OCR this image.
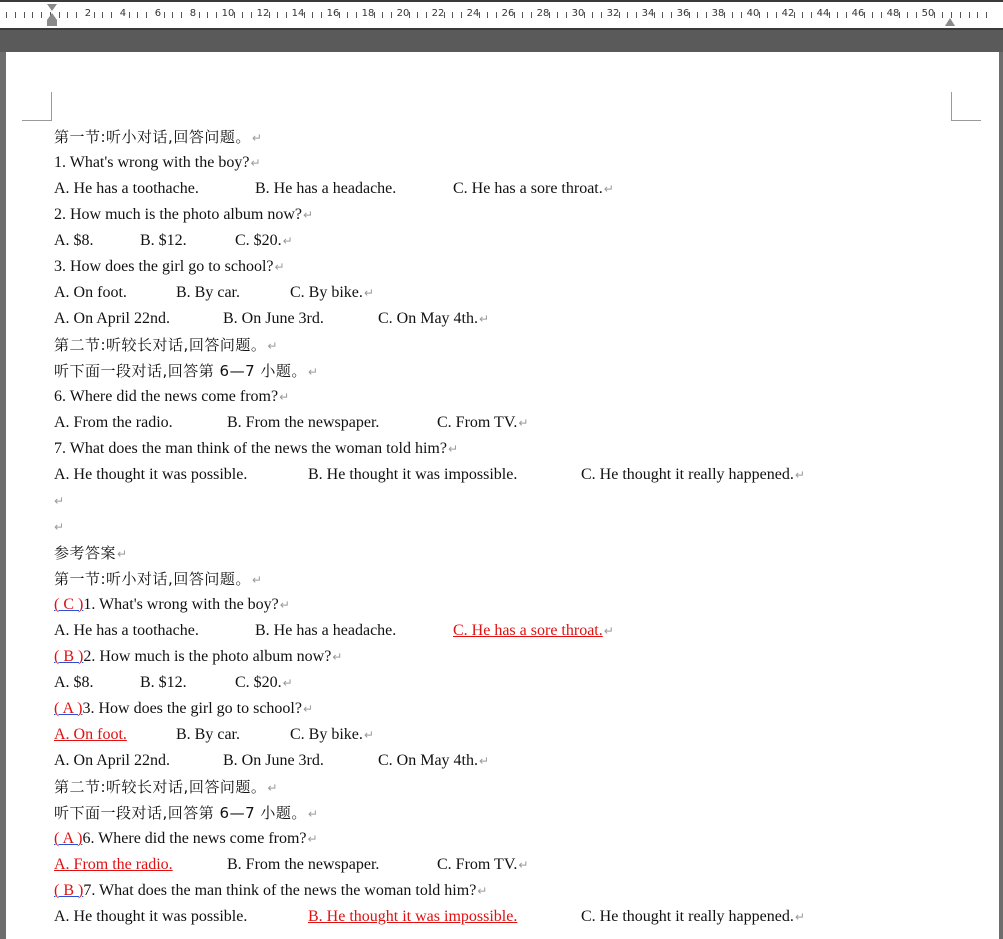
2	4	6	8	10 12 14 16 18 20 22 24 26 28 30 32 34 36 38 40 42 44 46 48 50
第一节:听小对话,回答问题。↵
1. What's wrong with the boy?↵
A. He has a toothache.	B. He has a headache.	C. He has a sore throat.↵
2. How much is the photo album now?↵
A. $8.	B. $12.	C. $20.↵
3. How does the girl go to school?↵
A. On foot.	B. By car.	C. By bike.↵
A. On April 22nd.	B. On June 3rd.	C. On May 4th.↵
第二节:听较长对话,回答问题。↵
听下面一段对话,回答第 6—7 小题。↵
6. Where did the news come from?↵
A. From the radio.	B. From the newspaper.	C. From TV.↵
7. What does the man think of the news the woman told him?↵
A. He thought it was possible.	B. He thought it was impossible.	C. He thought it really happened.↵
↵
↵
参考答案↵
第一节:听小对话,回答问题。↵
( C )1. What's wrong with the boy?↵
A. He has a toothache.	B. He has a headache.	C. He has a sore throat.↵
( B )2. How much is the photo album now?↵
A. $8.	B. $12.	C. $20.↵
( A )3. How does the girl go to school?↵
A. On foot.	B. By car.	C. By bike.↵
A. On April 22nd.	B. On June 3rd.	C. On May 4th.↵
第二节:听较长对话,回答问题。↵
听下面一段对话,回答第 6—7 小题。↵
( A )6. Where did the news come from?↵
A. From the radio.	B. From the newspaper.	C. From TV.↵
( B )7. What does the man think of the news the woman told him?↵
A. He thought it was possible.	B. He thought it was impossible.	C. He thought it really happened.↵
